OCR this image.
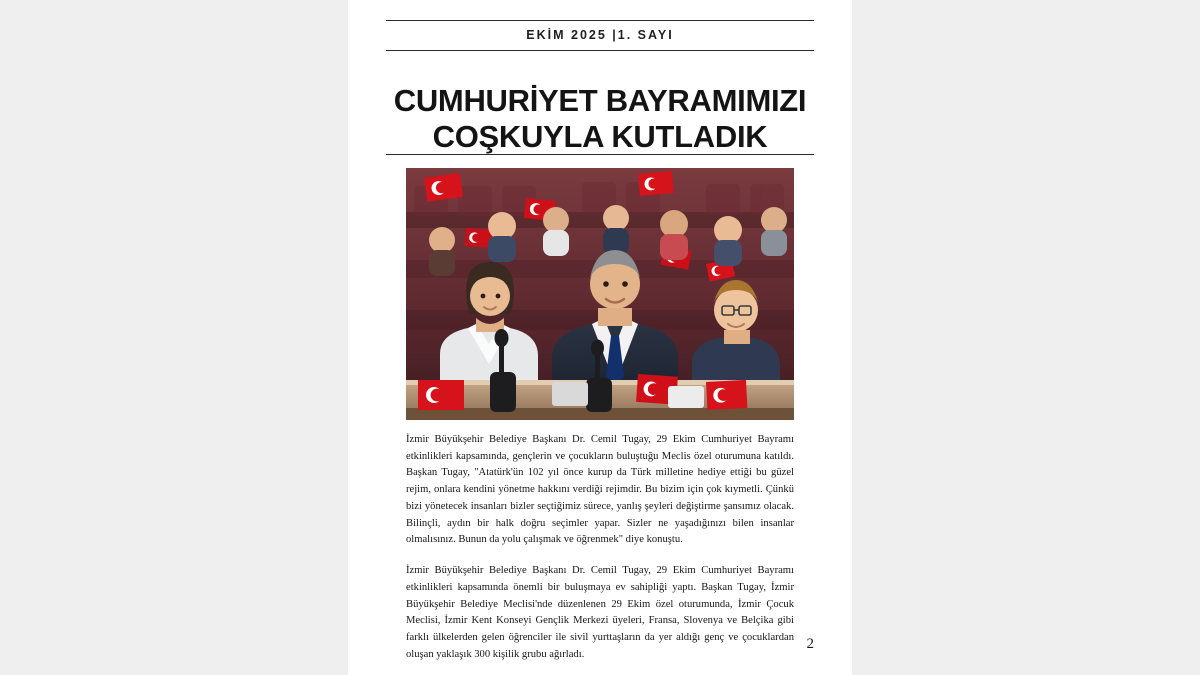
EKİM 2025 |1. SAYI
CUMHURİYET BAYRAMIMIZI
COŞKUYLA KUTLADIK

İzmir Büyükşehir Belediye Başkanı Dr. Cemil Tugay, 29 Ekim Cumhuriyet Bayramı etkinlikleri kapsamında, gençlerin ve çocukların buluştuğu Meclis özel oturumuna katıldı. Başkan Tugay, "Atatürk'ün 102 yıl önce kurup da Türk milletine hediye ettiği bu güzel rejim, onlara kendini yönetme hakkını verdiği rejimdir. Bu bizim için çok kıymetli. Çünkü bizi yönetecek insanları bizler seçtiğimiz sürece, yanlış şeyleri değiştirme şansımız olacak. Bilinçli, aydın bir halk doğru seçimler yapar. Sizler ne yaşadığınızı bilen insanlar olmalısınız. Bunun da yolu çalışmak ve öğrenmek" diye konuştu.

İzmir Büyükşehir Belediye Başkanı Dr. Cemil Tugay, 29 Ekim Cumhuriyet Bayramı etkinlikleri kapsamında önemli bir buluşmaya ev sahipliği yaptı. Başkan Tugay, İzmir Büyükşehir Belediye Meclisi'nde düzenlenen 29 Ekim özel oturumunda, İzmir Çocuk Meclisi, İzmir Kent Konseyi Gençlik Merkezi üyeleri, Fransa, Slovenya ve Belçika gibi farklı ülkelerden gelen öğrenciler ile sivil yurttaşların da yer aldığı genç ve çocuklardan oluşan yaklaşık 300 kişilik grubu ağırladı.

2
